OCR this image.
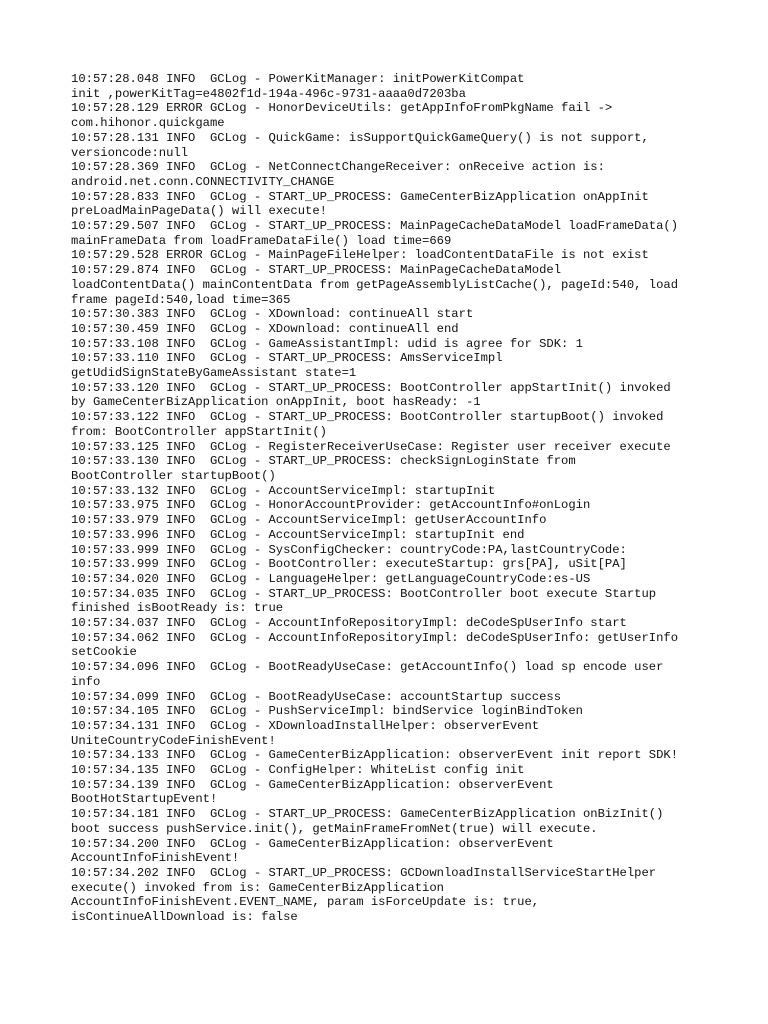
10:57:28.048 INFO  GCLog - PowerKitManager: initPowerKitCompat
init ,powerKitTag=e4802f1d-194a-496c-9731-aaaa0d7203ba
10:57:28.129 ERROR GCLog - HonorDeviceUtils: getAppInfoFromPkgName fail ->
com.hihonor.quickgame
10:57:28.131 INFO  GCLog - QuickGame: isSupportQuickGameQuery() is not support,
versioncode:null
10:57:28.369 INFO  GCLog - NetConnectChangeReceiver: onReceive action is:
android.net.conn.CONNECTIVITY_CHANGE
10:57:28.833 INFO  GCLog - START_UP_PROCESS: GameCenterBizApplication onAppInit
preLoadMainPageData() will execute!
10:57:29.507 INFO  GCLog - START_UP_PROCESS: MainPageCacheDataModel loadFrameData()
mainFrameData from loadFrameDataFile() load time=669
10:57:29.528 ERROR GCLog - MainPageFileHelper: loadContentDataFile is not exist
10:57:29.874 INFO  GCLog - START_UP_PROCESS: MainPageCacheDataModel
loadContentData() mainContentData from getPageAssemblyListCache(), pageId:540, load
frame pageId:540,load time=365
10:57:30.383 INFO  GCLog - XDownload: continueAll start
10:57:30.459 INFO  GCLog - XDownload: continueAll end
10:57:33.108 INFO  GCLog - GameAssistantImpl: udid is agree for SDK: 1
10:57:33.110 INFO  GCLog - START_UP_PROCESS: AmsServiceImpl
getUdidSignStateByGameAssistant state=1
10:57:33.120 INFO  GCLog - START_UP_PROCESS: BootController appStartInit() invoked
by GameCenterBizApplication onAppInit, boot hasReady: -1
10:57:33.122 INFO  GCLog - START_UP_PROCESS: BootController startupBoot() invoked
from: BootController appStartInit()
10:57:33.125 INFO  GCLog - RegisterReceiverUseCase: Register user receiver execute
10:57:33.130 INFO  GCLog - START_UP_PROCESS: checkSignLoginState from
BootController startupBoot()
10:57:33.132 INFO  GCLog - AccountServiceImpl: startupInit
10:57:33.975 INFO  GCLog - HonorAccountProvider: getAccountInfo#onLogin
10:57:33.979 INFO  GCLog - AccountServiceImpl: getUserAccountInfo
10:57:33.996 INFO  GCLog - AccountServiceImpl: startupInit end
10:57:33.999 INFO  GCLog - SysConfigChecker: countryCode:PA,lastCountryCode:
10:57:33.999 INFO  GCLog - BootController: executeStartup: grs[PA], uSit[PA]
10:57:34.020 INFO  GCLog - LanguageHelper: getLanguageCountryCode:es-US
10:57:34.035 INFO  GCLog - START_UP_PROCESS: BootController boot execute Startup
finished isBootReady is: true
10:57:34.037 INFO  GCLog - AccountInfoRepositoryImpl: deCodeSpUserInfo start
10:57:34.062 INFO  GCLog - AccountInfoRepositoryImpl: deCodeSpUserInfo: getUserInfo
setCookie
10:57:34.096 INFO  GCLog - BootReadyUseCase: getAccountInfo() load sp encode user
info
10:57:34.099 INFO  GCLog - BootReadyUseCase: accountStartup success
10:57:34.105 INFO  GCLog - PushServiceImpl: bindService loginBindToken
10:57:34.131 INFO  GCLog - XDownloadInstallHelper: observerEvent
UniteCountryCodeFinishEvent!
10:57:34.133 INFO  GCLog - GameCenterBizApplication: observerEvent init report SDK!
10:57:34.135 INFO  GCLog - ConfigHelper: WhiteList config init
10:57:34.139 INFO  GCLog - GameCenterBizApplication: observerEvent
BootHotStartupEvent!
10:57:34.181 INFO  GCLog - START_UP_PROCESS: GameCenterBizApplication onBizInit()
boot success pushService.init(), getMainFrameFromNet(true) will execute.
10:57:34.200 INFO  GCLog - GameCenterBizApplication: observerEvent
AccountInfoFinishEvent!
10:57:34.202 INFO  GCLog - START_UP_PROCESS: GCDownloadInstallServiceStartHelper
execute() invoked from is: GameCenterBizApplication
AccountInfoFinishEvent.EVENT_NAME, param isForceUpdate is: true,
isContinueAllDownload is: false
